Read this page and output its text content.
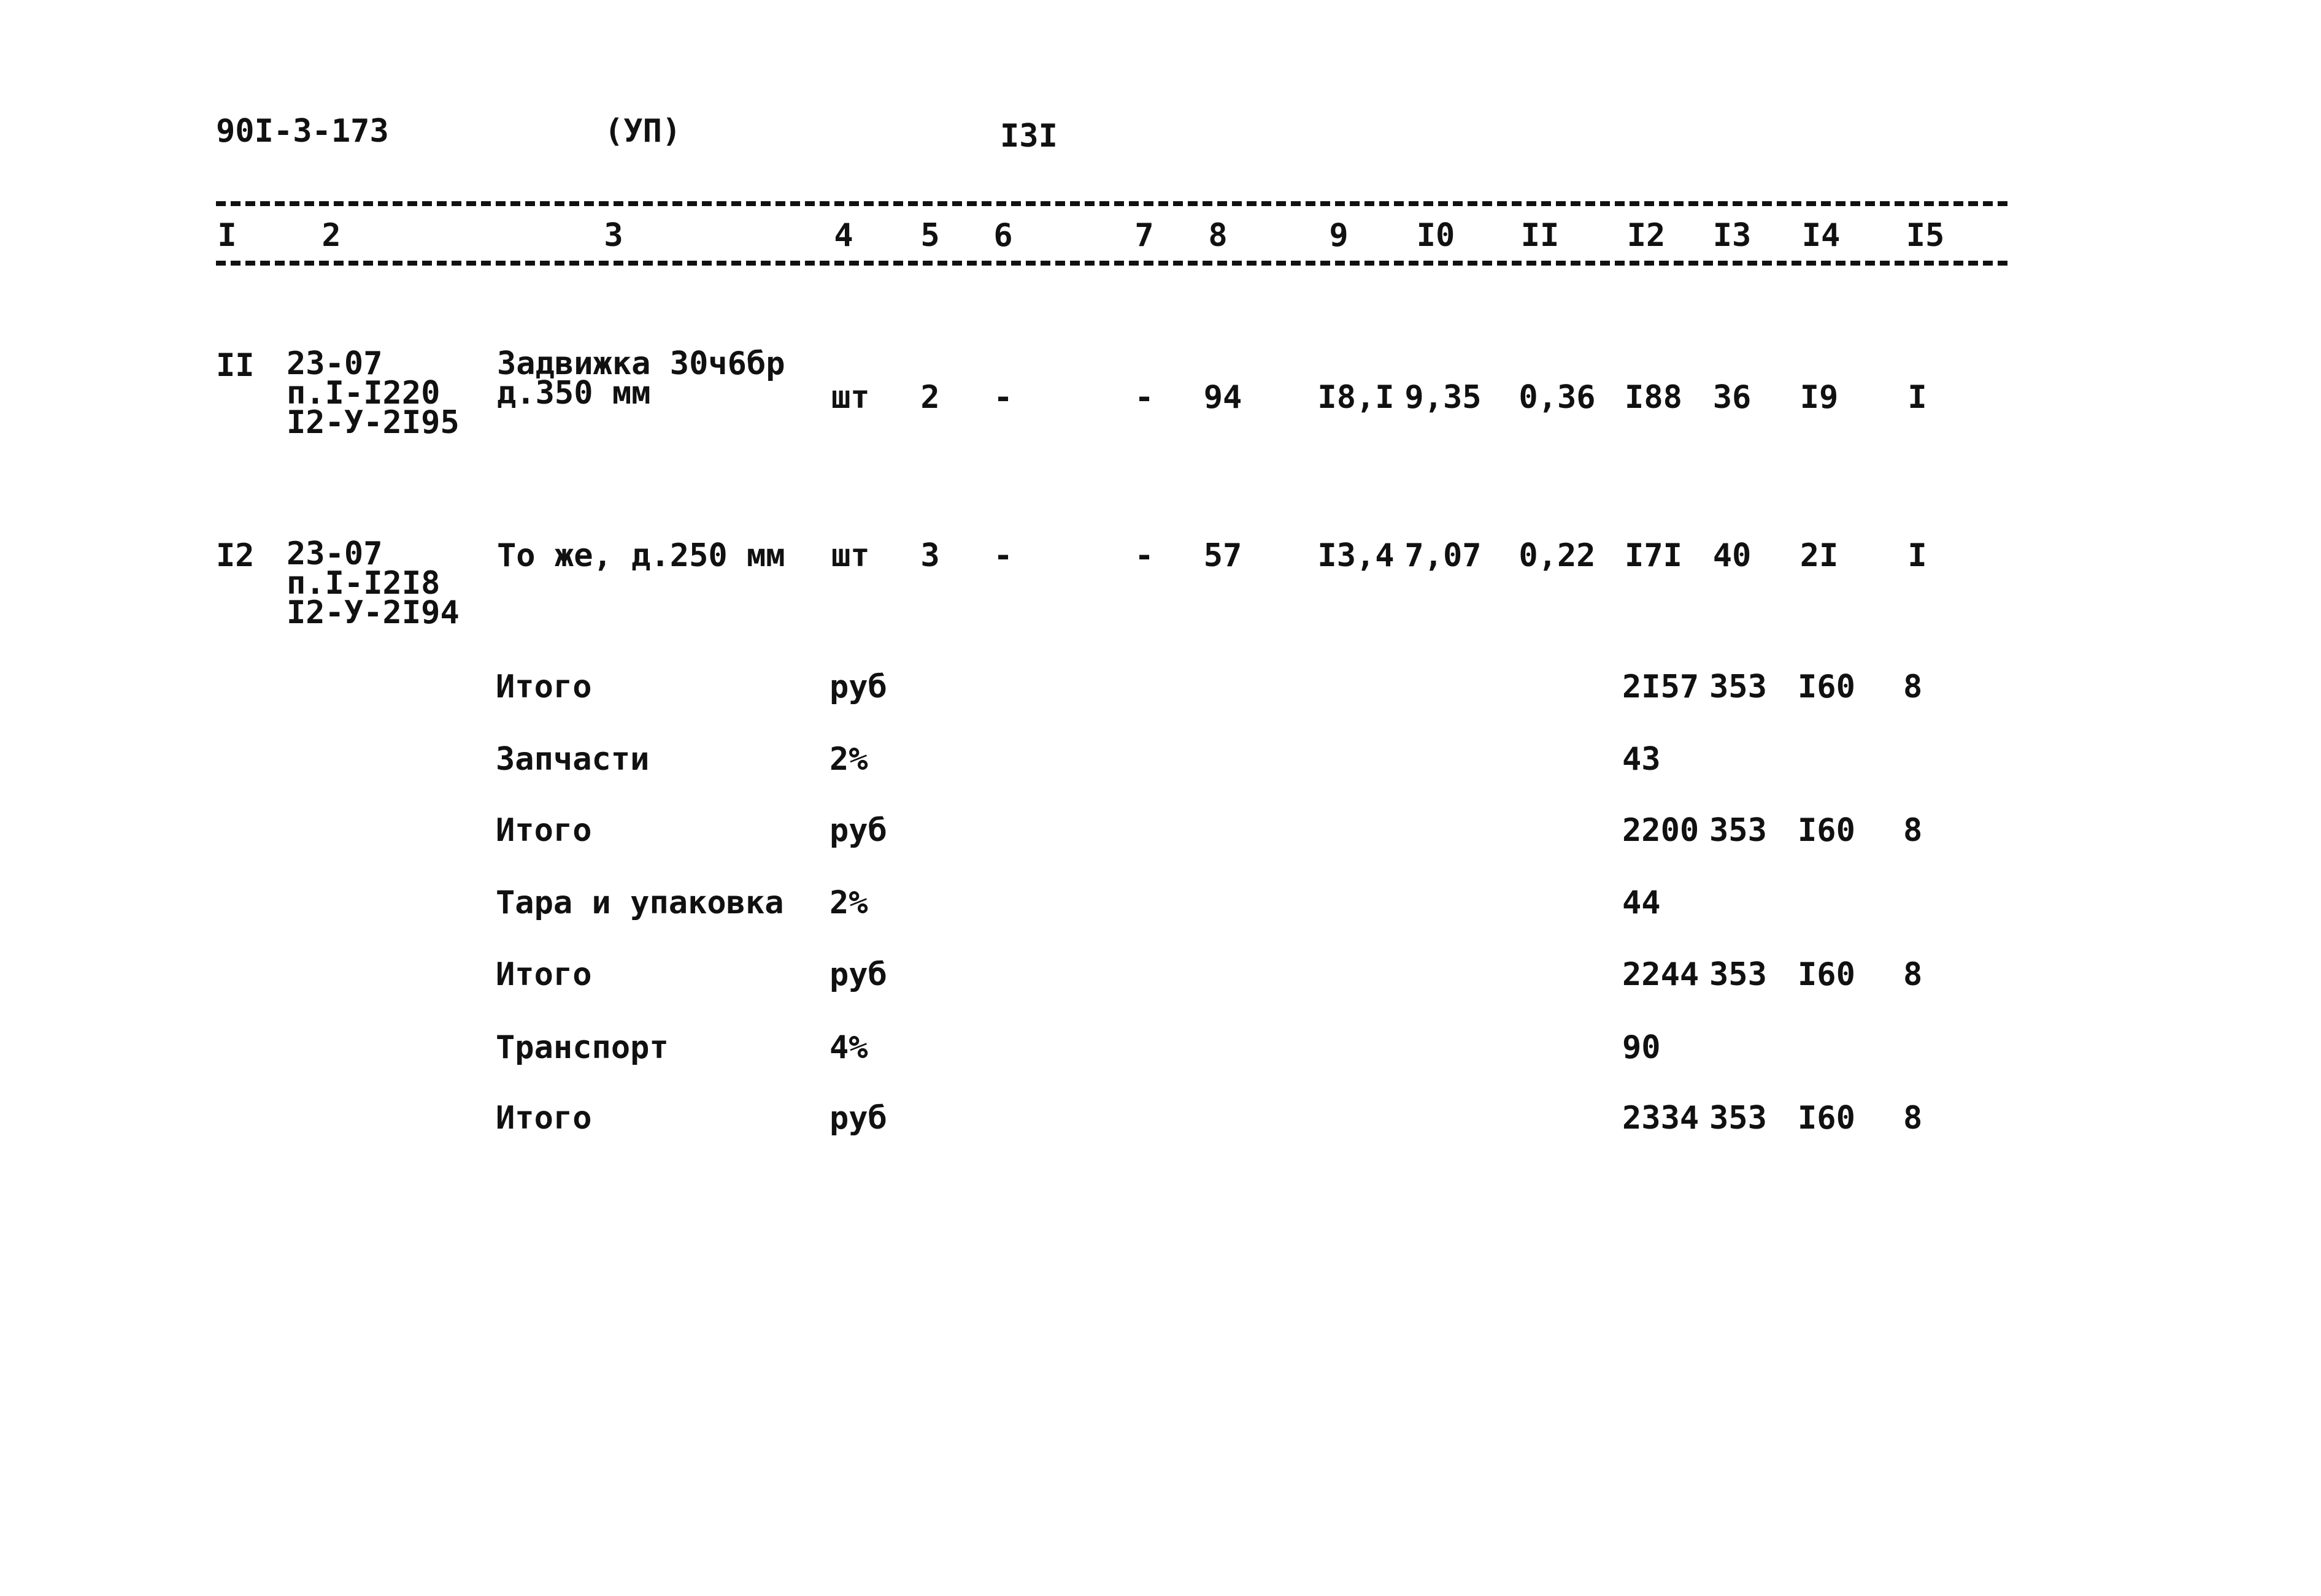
90I-3-173	(УП)	I3I
I	2	3	4 5 6	7 8	9 I0 II I2 I3 I4 I5
II 23-07
п.I-I220
I2-У-2I95
Задвижка 30ч6бр
д.350 мм	шт 2 -	- 94 I8,I 9,35 0,36 I88 36 I9 I
I2 23-07
п.I-I2I8
I2-У-2I94
То же, д.250 мм шт 3 -	- 57 I3,4 7,07 0,22 I7I 40 2I I
Итого	руб	2I57 353 I60 8
Запчасти	2%	43
Итого	руб	2200 353 I60 8
Тара и упаковка 2%	44
Итого	руб	2244 353 I60 8
Транспорт	4%	90
Итого	руб	2334 353 I60 8
